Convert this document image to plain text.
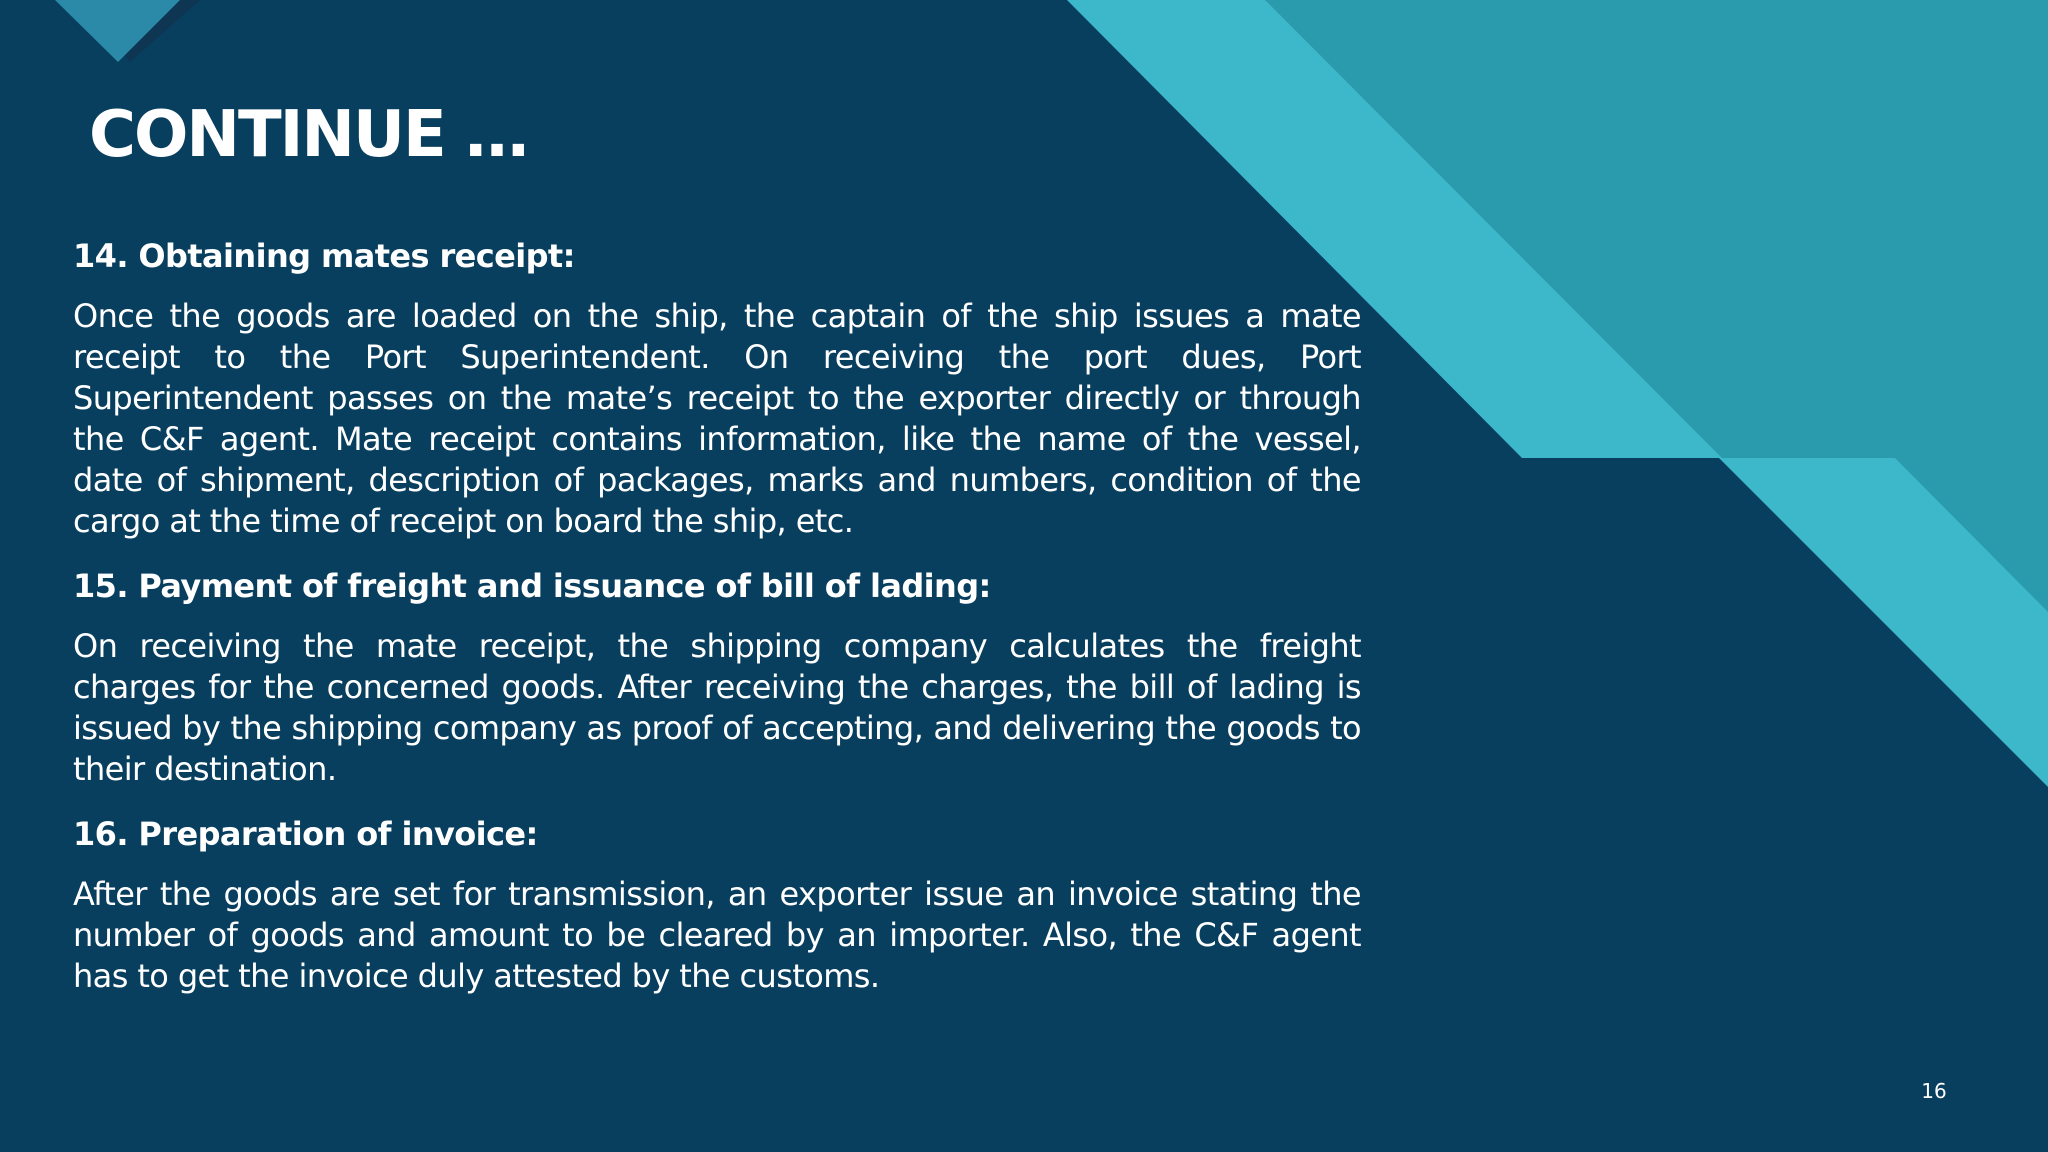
CONTINUE …

14. Obtaining mates receipt:

Once the goods are loaded on the ship, the captain of the ship issues a mate receipt to the Port Superintendent. On receiving the port dues, Port Superintendent passes on the mate’s receipt to the exporter directly or through the C&F agent. Mate receipt contains information, like the name of the vessel, date of shipment, description of packages, marks and numbers, condition of the cargo at the time of receipt on board the ship, etc.

15. Payment of freight and issuance of bill of lading:

On receiving the mate receipt, the shipping company calculates the freight charges for the concerned goods. After receiving the charges, the bill of lading is issued by the shipping company as proof of accepting, and delivering the goods to their destination.

16. Preparation of invoice:

After the goods are set for transmission, an exporter issue an invoice stating the number of goods and amount to be cleared by an importer. Also, the C&F agent has to get the invoice duly attested by the customs.

16
